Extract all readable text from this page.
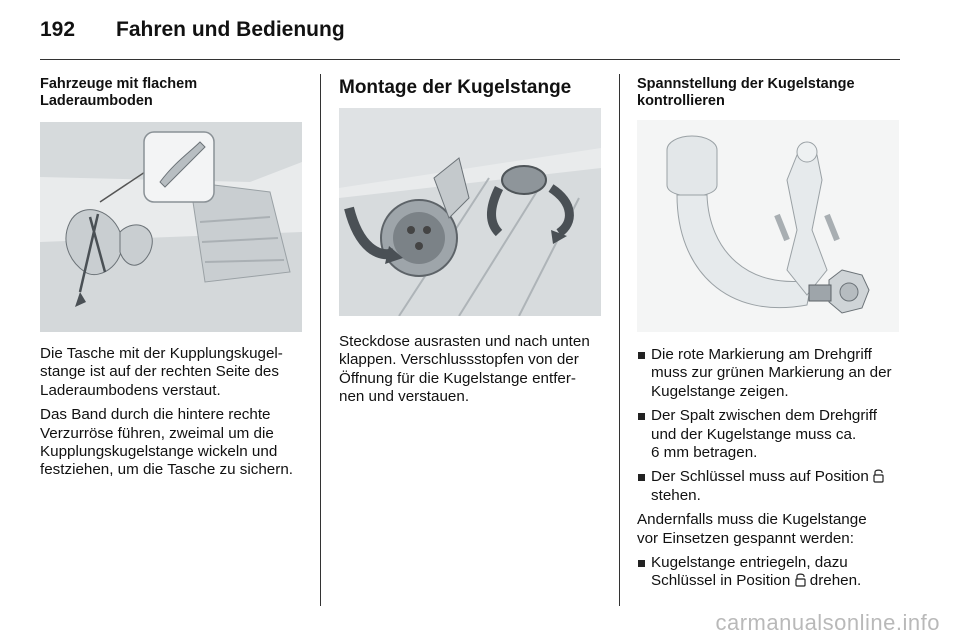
192	Fahren und Bedienung

Fahrzeuge mit flachem
Laderaumboden

Die Tasche mit der Kupplungskugel-
stange ist auf der rechten Seite des
Laderaumbodens verstaut.

Das Band durch die hintere rechte
Verzurröse führen, zweimal um die
Kupplungskugelstange wickeln und
festziehen, um die Tasche zu sichern.

Montage der Kugelstange

Steckdose ausrasten und nach unten
klappen. Verschlussstopfen von der
Öffnung für die Kugelstange entfer-
nen und verstauen.

Spannstellung der Kugelstange
kontrollieren

Die rote Markierung am Drehgriff
muss zur grünen Markierung an der
Kugelstange zeigen.
Der Spalt zwischen dem Drehgriff
und der Kugelstange muss ca.
6 mm betragen.
Der Schlüssel muss auf Position
stehen.

Andernfalls muss die Kugelstange
vor Einsetzen gespannt werden:

Kugelstange entriegeln, dazu
Schlüssel in Position drehen.
carmanualsonline.info
